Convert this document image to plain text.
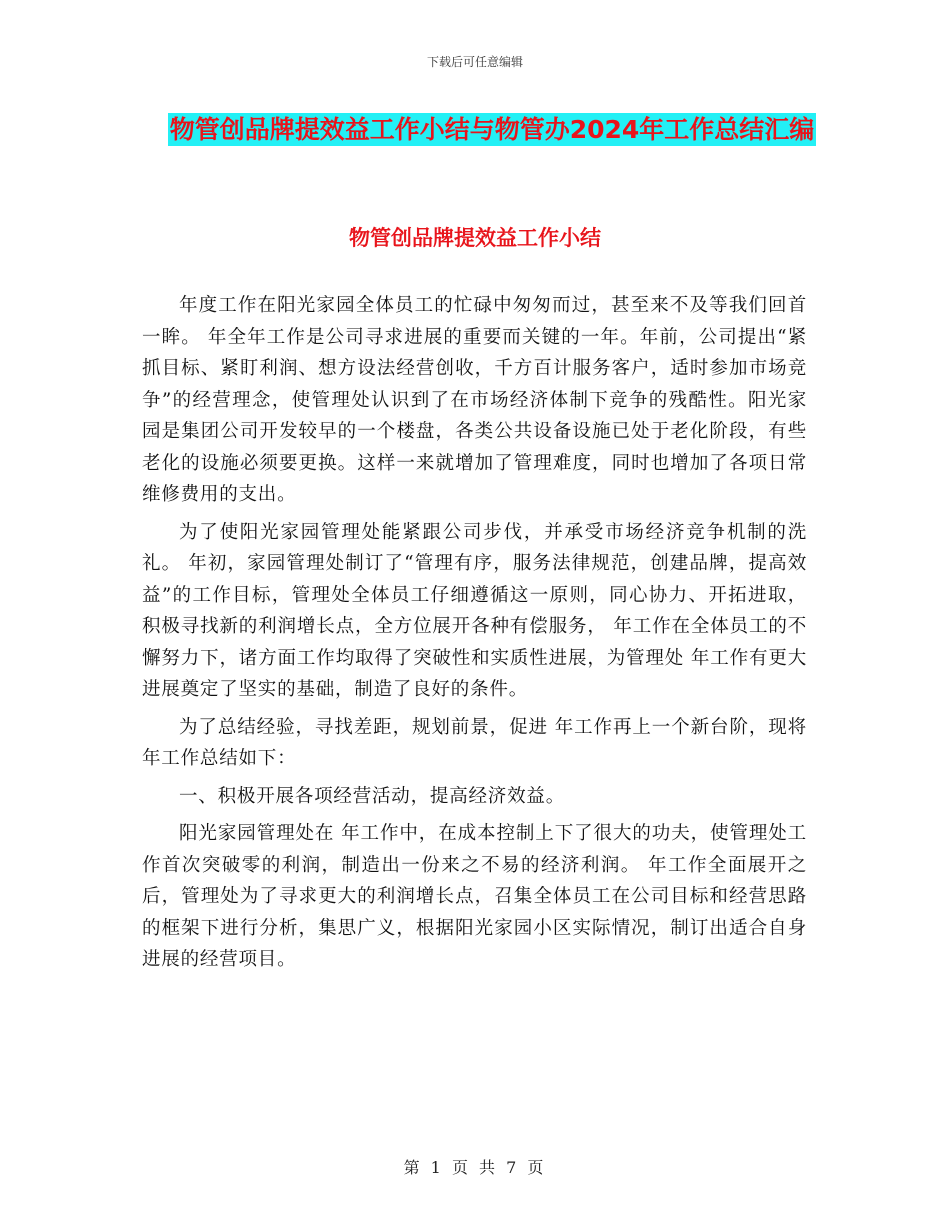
下载后可任意编辑
物管创品牌提效益工作小结与物管办2024年工作总结汇编
物管创品牌提效益工作小结

年度工作在阳光家园全体员工的忙碌中匆匆而过，甚至来不及等我们回首一眸。 年全年工作是公司寻求进展的重要而关键的一年。年前，公司提出“紧抓目标、紧盯利润、想方设法经营创收，千方百计服务客户，适时参加市场竞争”的经营理念，使管理处认识到了在市场经济体制下竞争的残酷性。阳光家园是集团公司开发较早的一个楼盘，各类公共设备设施已处于老化阶段，有些老化的设施必须要更换。这样一来就增加了管理难度，同时也增加了各项日常维修费用的支出。

为了使阳光家园管理处能紧跟公司步伐，并承受市场经济竞争机制的洗礼。 年初，家园管理处制订了“管理有序，服务法律规范，创建品牌，提高效益”的工作目标，管理处全体员工仔细遵循这一原则，同心协力、开拓进取，积极寻找新的利润增长点，全方位展开各种有偿服务， 年工作在全体员工的不懈努力下，诸方面工作均取得了突破性和实质性进展，为管理处 年工作有更大进展奠定了坚实的基础，制造了良好的条件。

为了总结经验，寻找差距，规划前景，促进 年工作再上一个新台阶，现将 年工作总结如下：

一、积极开展各项经营活动，提高经济效益。

阳光家园管理处在 年工作中，在成本控制上下了很大的功夫，使管理处工作首次突破零的利润，制造出一份来之不易的经济利润。 年工作全面展开之后，管理处为了寻求更大的利润增长点，召集全体员工在公司目标和经营思路的框架下进行分析，集思广义，根据阳光家园小区实际情况，制订出适合自身进展的经营项目。

第 1 页 共 7 页
